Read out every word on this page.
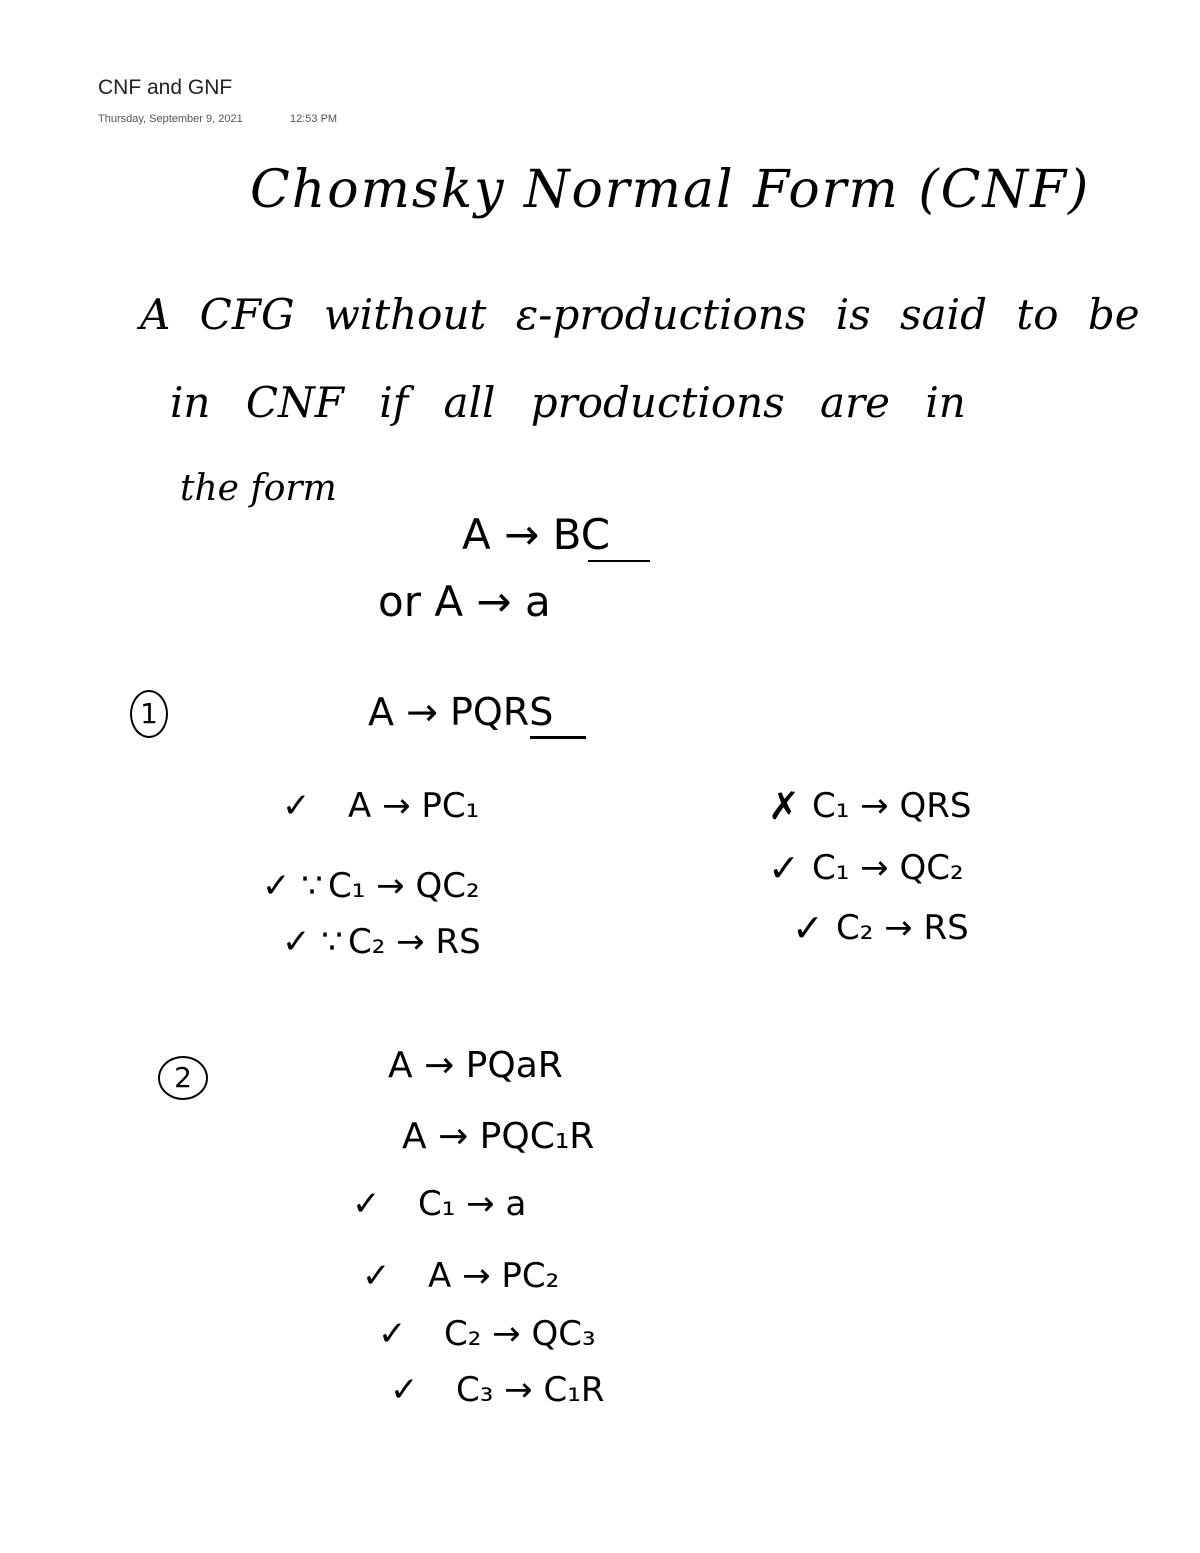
CNF and GNF
Thursday, September 9, 2021	12:53 PM
Chomsky Normal Form (CNF)
A CFG without ε-productions is said to be
in CNF if all productions are in
the form
A → BC
or A → a
1	A → PQRS
✓	A → PC₁
✓ ∵ C₁ → QC₂
✓ ∵ C₂ → RS
✗ C₁ → QRS
✓ C₁ → QC₂
✓ C₂ → RS
2	A → PQaR
A → PQC₁R
✓	C₁ → a
✓	A → PC₂
✓	C₂ → QC₃
✓	C₃ → C₁R
